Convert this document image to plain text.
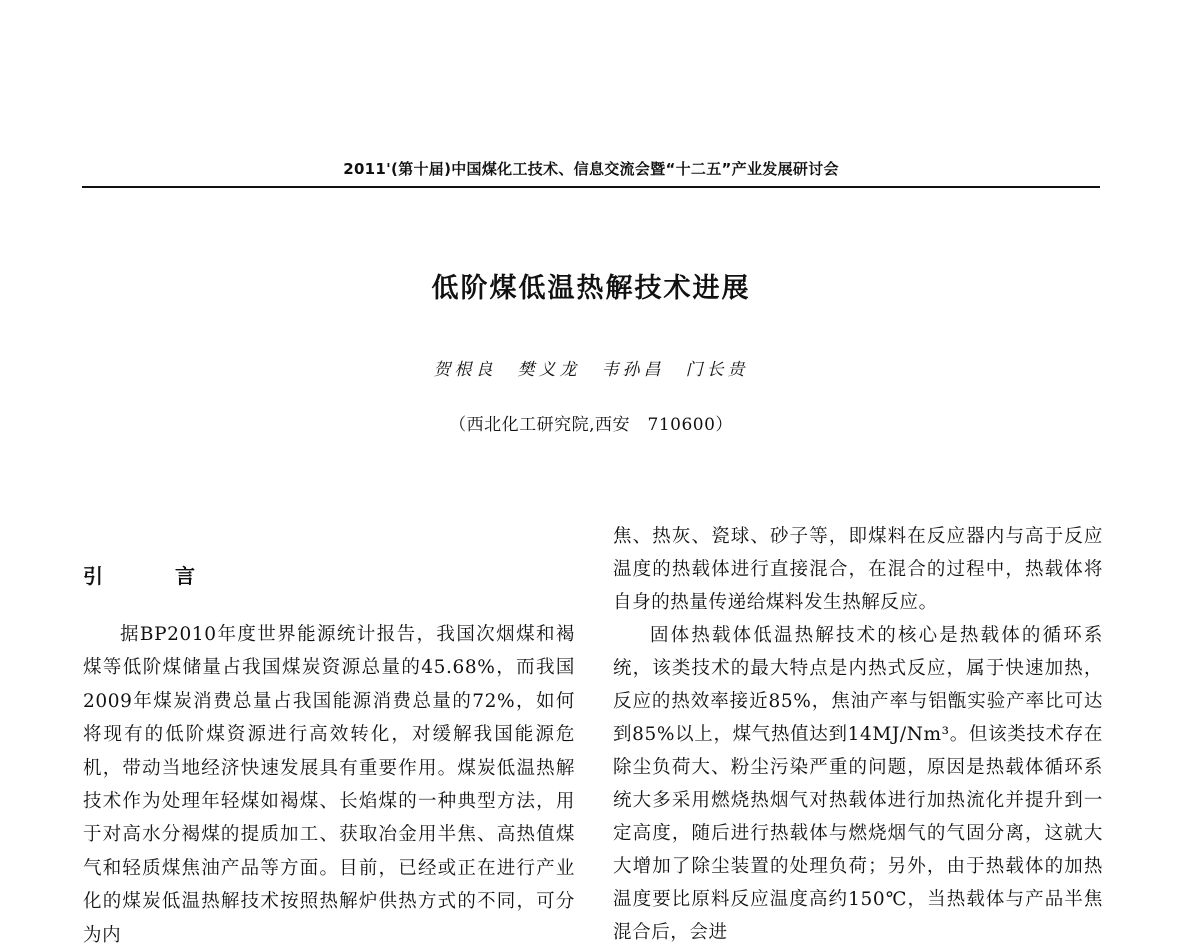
2011'(第十届)中国煤化工技术、信息交流会暨“十二五”产业发展研讨会
低阶煤低温热解技术进展
贺根良　樊义龙　韦孙昌　门长贵
（西北化工研究院,西安　710600）
引　言

据BP2010年度世界能源统计报告，我国次烟煤和褐煤等低阶煤储量占我国煤炭资源总量的45.68%，而我国2009年煤炭消费总量占我国能源消费总量的72%，如何将现有的低阶煤资源进行高效转化，对缓解我国能源危机，带动当地经济快速发展具有重要作用。煤炭低温热解技术作为处理年轻煤如褐煤、长焰煤的一种典型方法，用于对高水分褐煤的提质加工、获取冶金用半焦、高热值煤气和轻质煤焦油产品等方面。目前，已经或正在进行产业化的煤炭低温热解技术按照热解炉供热方式的不同，可分为内

焦、热灰、瓷球、砂子等，即煤料在反应器内与高于反应温度的热载体进行直接混合，在混合的过程中，热载体将自身的热量传递给煤料发生热解反应。

固体热载体低温热解技术的核心是热载体的循环系统，该类技术的最大特点是内热式反应，属于快速加热，反应的热效率接近85%，焦油产率与铝甑实验产率比可达到85%以上，煤气热值达到14MJ/Nm³。但该类技术存在除尘负荷大、粉尘污染严重的问题，原因是热载体循环系统大多采用燃烧热烟气对热载体进行加热流化并提升到一定高度，随后进行热载体与燃烧烟气的气固分离，这就大大增加了除尘装置的处理负荷；另外，由于热载体的加热温度要比原料反应温度高约150℃，当热载体与产品半焦混合后，会进
